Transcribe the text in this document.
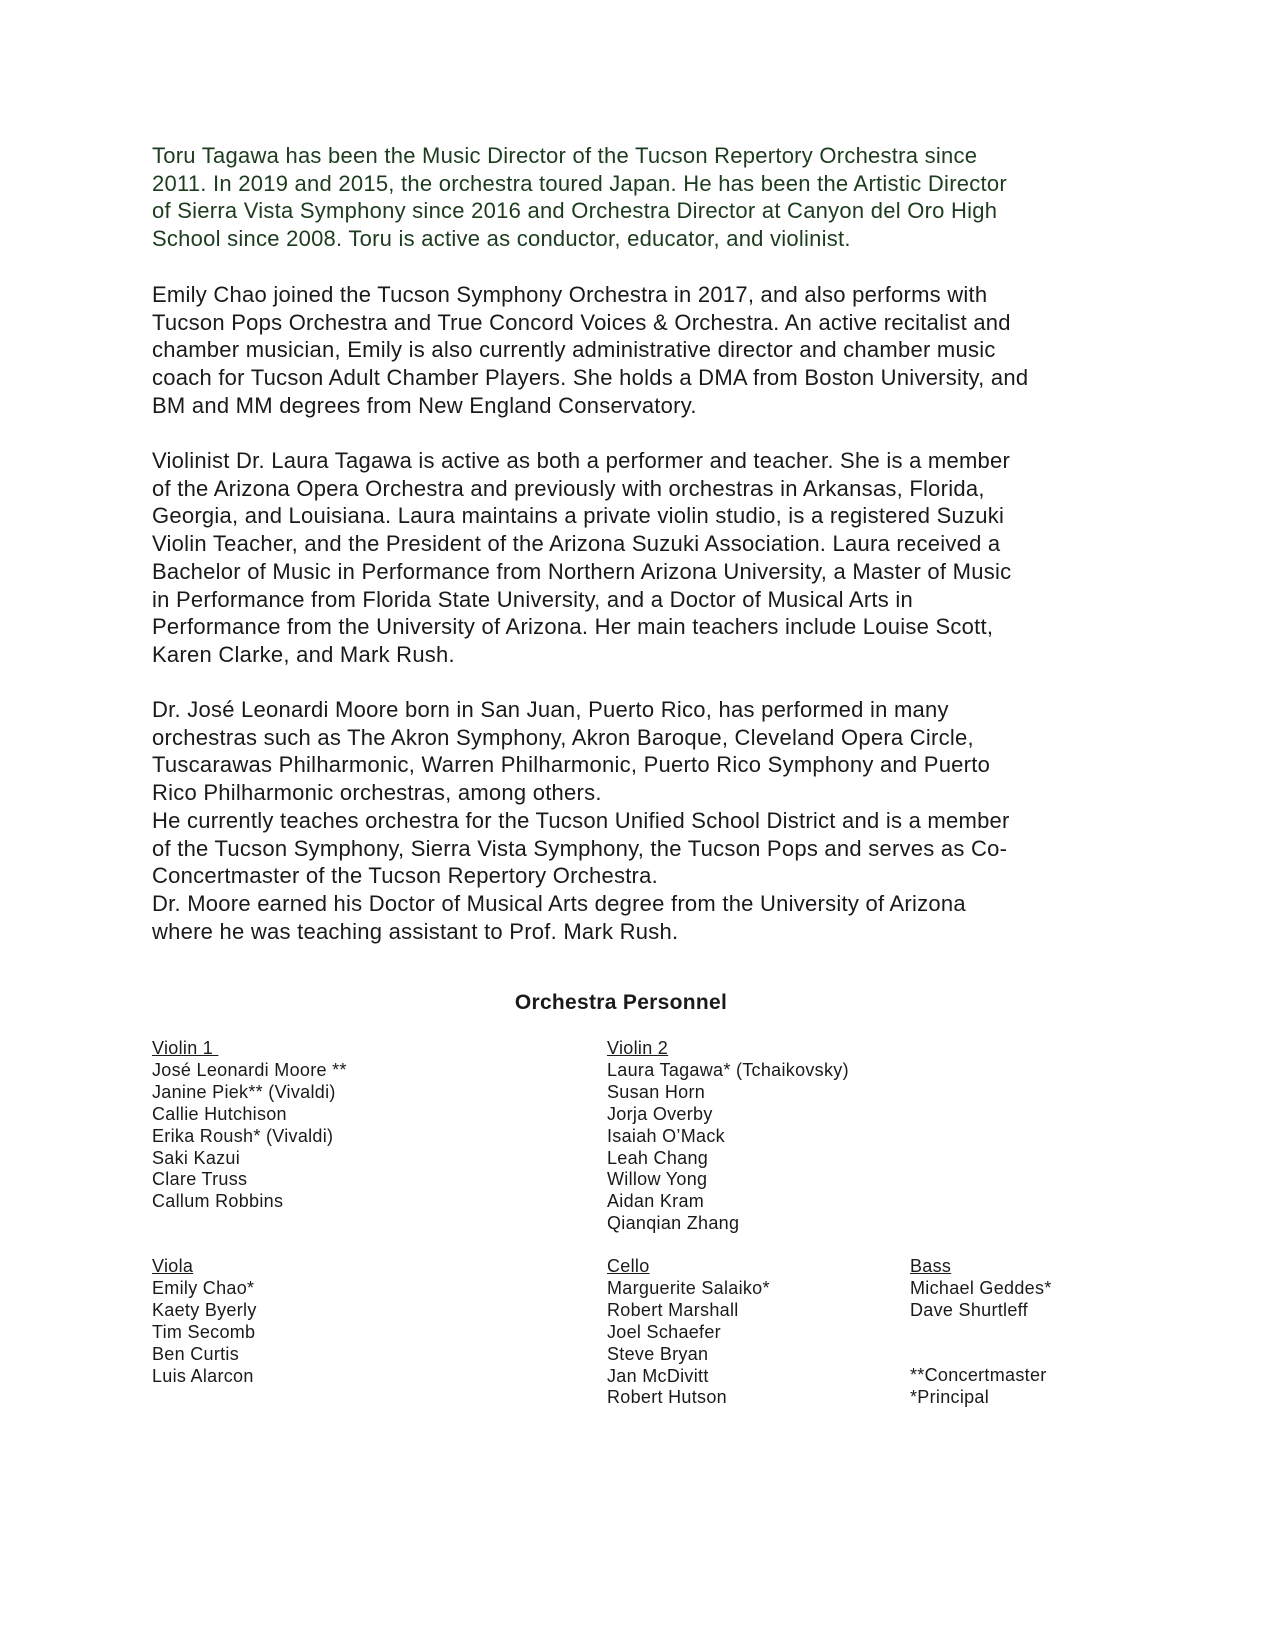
Toru Tagawa has been the Music Director of the Tucson Repertory Orchestra since
2011. In 2019 and 2015, the orchestra toured Japan. He has been the Artistic Director
of Sierra Vista Symphony since 2016 and Orchestra Director at Canyon del Oro High
School since 2008. Toru is active as conductor, educator, and violinist.
Emily Chao joined the Tucson Symphony Orchestra in 2017, and also performs with
Tucson Pops Orchestra and True Concord Voices & Orchestra. An active recitalist and
chamber musician, Emily is also currently administrative director and chamber music
coach for Tucson Adult Chamber Players. She holds a DMA from Boston University, and
BM and MM degrees from New England Conservatory.
Violinist Dr. Laura Tagawa is active as both a performer and teacher. She is a member
of the Arizona Opera Orchestra and previously with orchestras in Arkansas, Florida,
Georgia, and Louisiana. Laura maintains a private violin studio, is a registered Suzuki
Violin Teacher, and the President of the Arizona Suzuki Association. Laura received a
Bachelor of Music in Performance from Northern Arizona University, a Master of Music
in Performance from Florida State University, and a Doctor of Musical Arts in
Performance from the University of Arizona. Her main teachers include Louise Scott,
Karen Clarke, and Mark Rush.
Dr. José Leonardi Moore born in San Juan, Puerto Rico, has performed in many
orchestras such as The Akron Symphony, Akron Baroque, Cleveland Opera Circle,
Tuscarawas Philharmonic, Warren Philharmonic, Puerto Rico Symphony and Puerto
Rico Philharmonic orchestras, among others.
He currently teaches orchestra for the Tucson Unified School District and is a member
of the Tucson Symphony, Sierra Vista Symphony, the Tucson Pops and serves as Co-
Concertmaster of the Tucson Repertory Orchestra.
Dr. Moore earned his Doctor of Musical Arts degree from the University of Arizona
where he was teaching assistant to Prof. Mark Rush.
Orchestra Personnel
Violin 1
José Leonardi Moore **
Janine Piek** (Vivaldi)
Callie Hutchison
Erika Roush* (Vivaldi)
Saki Kazui
Clare Truss
Callum Robbins
Violin 2
Laura Tagawa* (Tchaikovsky)
Susan Horn
Jorja Overby
Isaiah O’Mack
Leah Chang
Willow Yong
Aidan Kram
Qianqian Zhang
Viola
Emily Chao*
Kaety Byerly
Tim Secomb
Ben Curtis
Luis Alarcon
Cello
Marguerite Salaiko*
Robert Marshall
Joel Schaefer
Steve Bryan
Jan McDivitt
Robert Hutson
Bass
Michael Geddes*
Dave Shurtleff
**Concertmaster
*Principal
